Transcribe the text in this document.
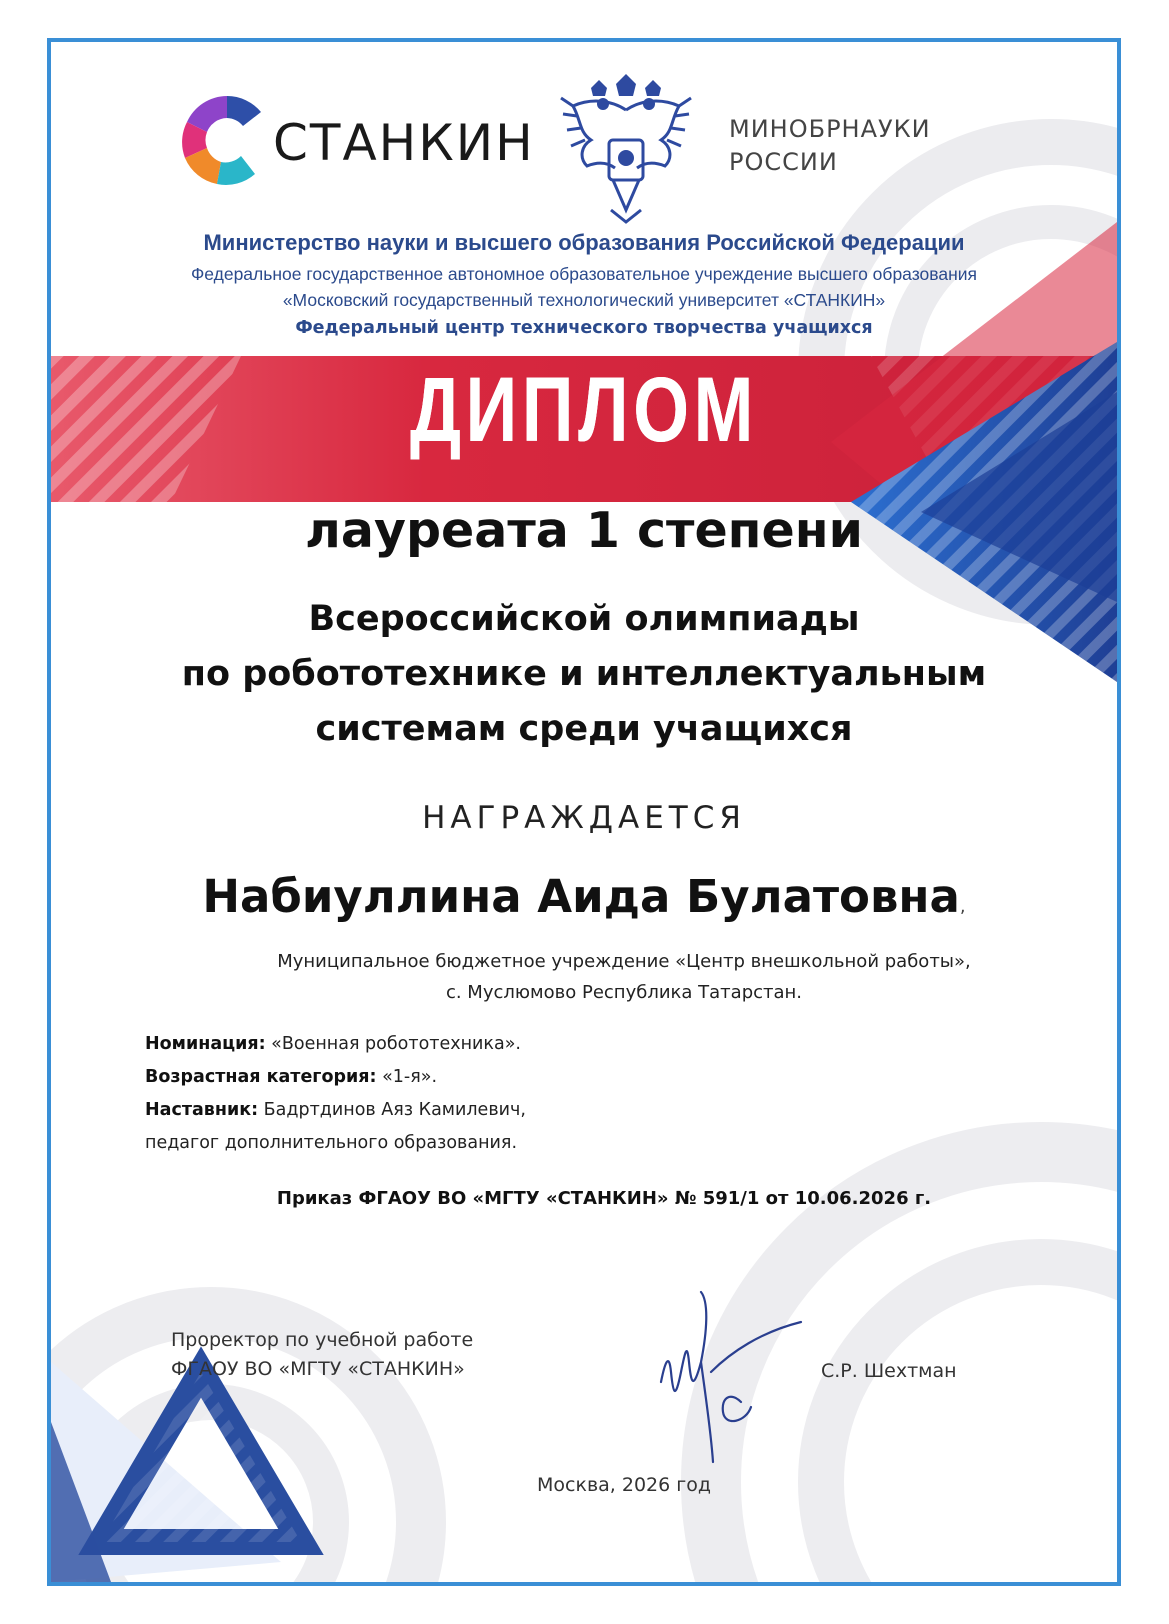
СТАНКИН	МИНОБРНАУКИ
РОССИИ
Министерство науки и высшего образования Российской Федерации
Федеральное государственное автономное образовательное учреждение высшего образования
«Московский государственный технологический университет «СТАНКИН»
Федеральный центр технического творчества учащихся
ДИПЛОМ
лауреата 1 степени
Всероссийской олимпиады
по робототехнике и интеллектуальным
системам среди учащихся
НАГРАЖДАЕТСЯ
Набиуллина Аида Булатовна,
Муниципальное бюджетное учреждение «Центр внешкольной работы»,
с. Муслюмово Республика Татарстан.
Номинация: «Военная робототехника».
Возрастная категория: «1-я».
Наставник: Бадртдинов Аяз Камилевич,
педагог дополнительного образования.
Приказ ФГАОУ ВО «МГТУ «СТАНКИН» № 591/1 от 10.06.2026 г.
Проректор по учебной работе
ФГАОУ ВО «МГТУ «СТАНКИН»	С.Р. Шехтман
Москва, 2026 год
